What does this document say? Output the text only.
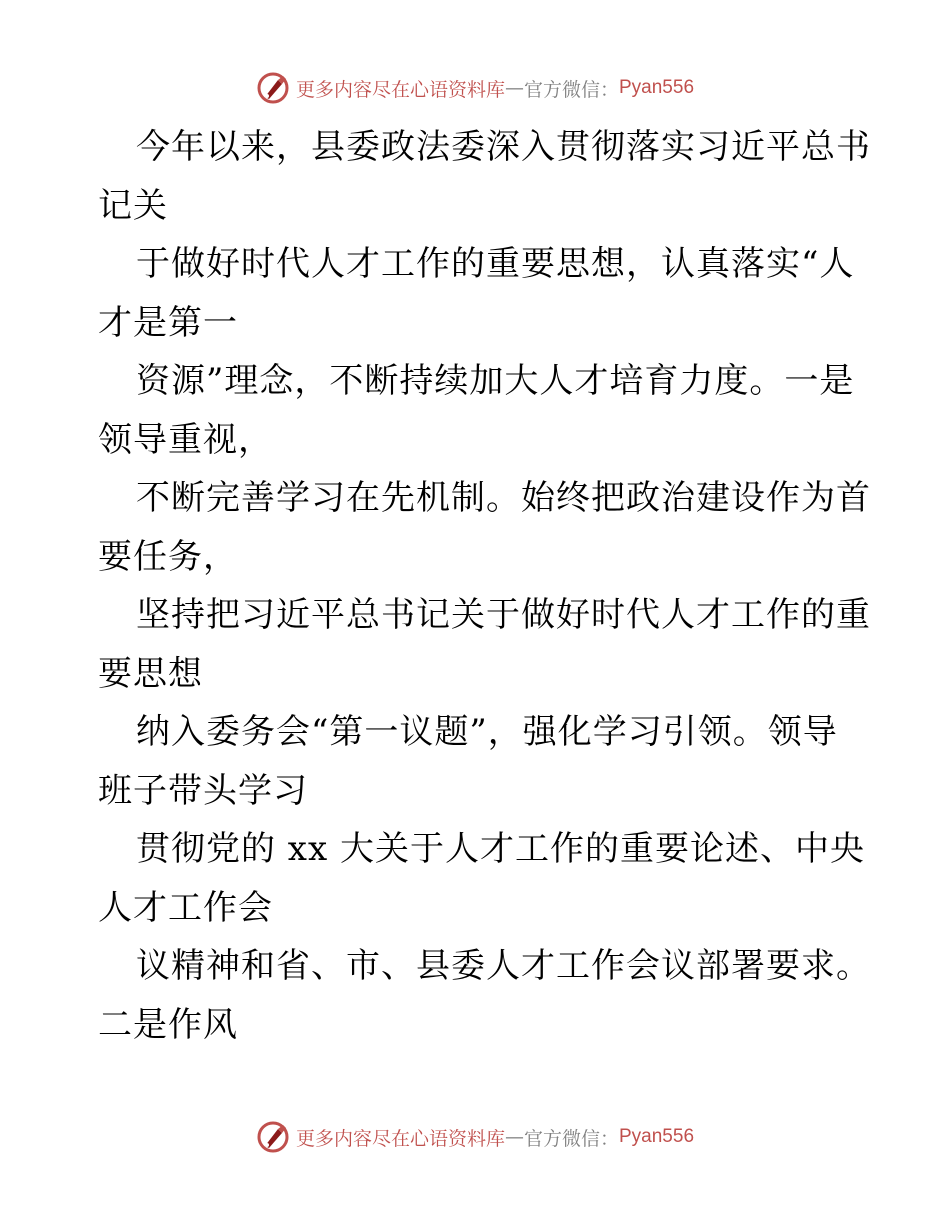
更多内容尽在心语资料库—官方微信：Pyan556
今年以来，县委政法委深入贯彻落实习近平总书
记关
于做好时代人才工作的重要思想，认真落实“人
才是第一
资源”理念，不断持续加大人才培育力度。一是
领导重视，
不断完善学习在先机制。始终把政治建设作为首
要任务，
坚持把习近平总书记关于做好时代人才工作的重
要思想
纳入委务会“第一议题”，强化学习引领。领导
班子带头学习
贯彻党的 xx 大关于人才工作的重要论述、中央
人才工作会
议精神和省、市、县委人才工作会议部署要求。
二是作风
更多内容尽在心语资料库—官方微信：Pyan556
